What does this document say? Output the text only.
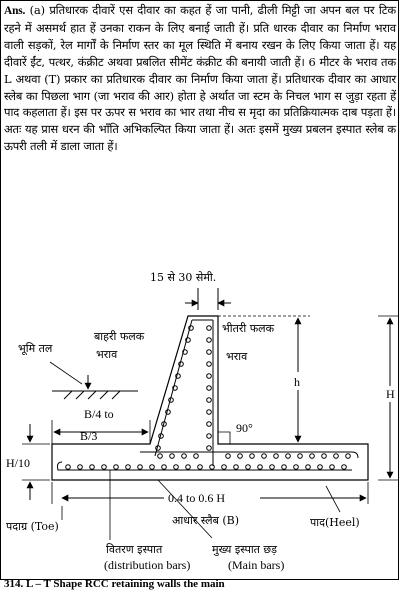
Ans. (a) प्रतिधारक दीवारें एस दीवार का कहत हें जा पानी, ढीली मिट्टी जा अपन बल पर टिक रहने में असमर्थ हात हें उनका राकन के लिए बनाई जाती हें। प्रति धारक दीवार का निर्माण भराव वाली सड़कों, रेल मार्गों के निर्माण स्तर का मूल स्थिति में बनाय रखन के लिए किया जाता हें। यह दीवारें ईंट, पत्थर, कंक्रीट अथवा प्रबलित सीमेंट कंक्रीट की बनायी जाती हें। 6 मीटर के भराव तक L अथवा (T) प्रकार का प्रतिधारक दीवार का निर्माण किया जाता हें। प्रतिधारक दीवार का आधार स्लेब का पिछला भाग (जा भराव की आर) होता हे अर्थात जा स्टम के निचल भाग स जुड़ा रहता हें पाद कहलाता हें। इस पर ऊपर स भराव का भार तथा नीच स मृदा का प्रतिक्रियात्मक दाब पड़ता हें। अतः यह प्रास धरन की भाँति अभिकल्पित किया जाता हें। अतः इसमें मुख्य प्रबलन इस्पात स्लेब क ऊपरी तली में डाला जाता हें।
15 से 30 सेमी.
भूमि तल
बाहरी फलक
भराव
भीतरी फलक
भराव
h
H
90°
B/4 to
B/3
H/10
0.4 to 0.6 H
आधार स्लैब (B)
पदाग्र (Toe)	पाद(Heel)
वितरण इस्पात
(distribution bars)
मुख्य इस्पात छड़
(Main bars)
314. L – T Shape RCC retaining walls the main
